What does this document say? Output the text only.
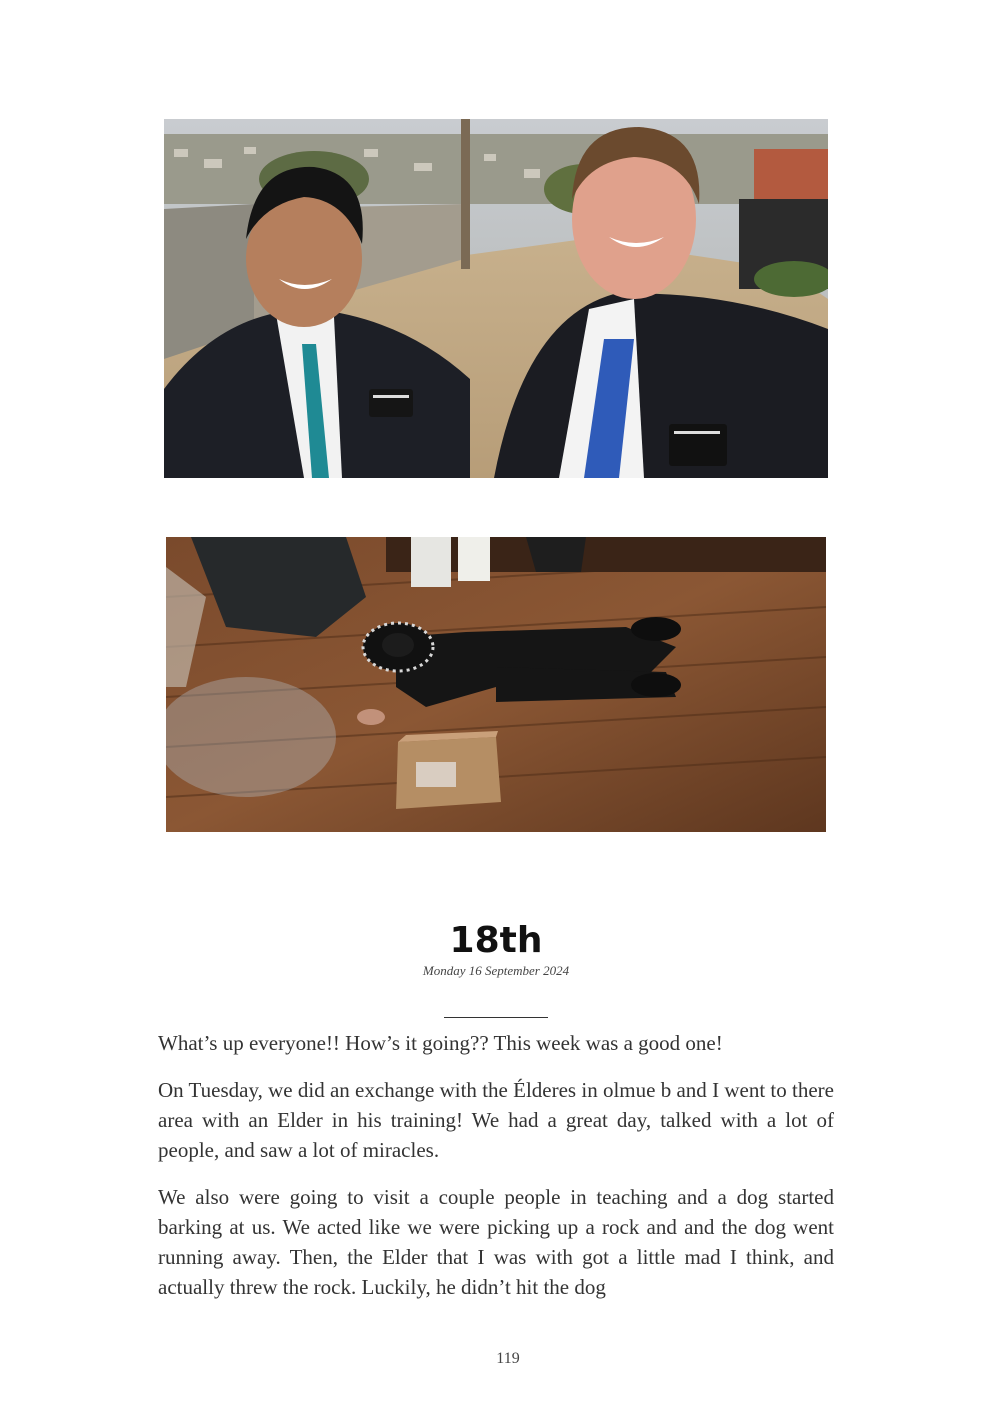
18th
Monday 16 September 2024

What’s up everyone!! How’s it going?? This week was a good one!

On Tuesday, we did an exchange with the Élderes in olmue b and I went to there area with an Elder in his training! We had a great day, talked with a lot of people, and saw a lot of miracles.

We also were going to visit a couple people in teaching and a dog started barking at us. We acted like we were picking up a rock and and the dog went running away. Then, the Elder that I was with got a little mad I think, and actually threw the rock. Luckily, he didn’t hit the dog

119
